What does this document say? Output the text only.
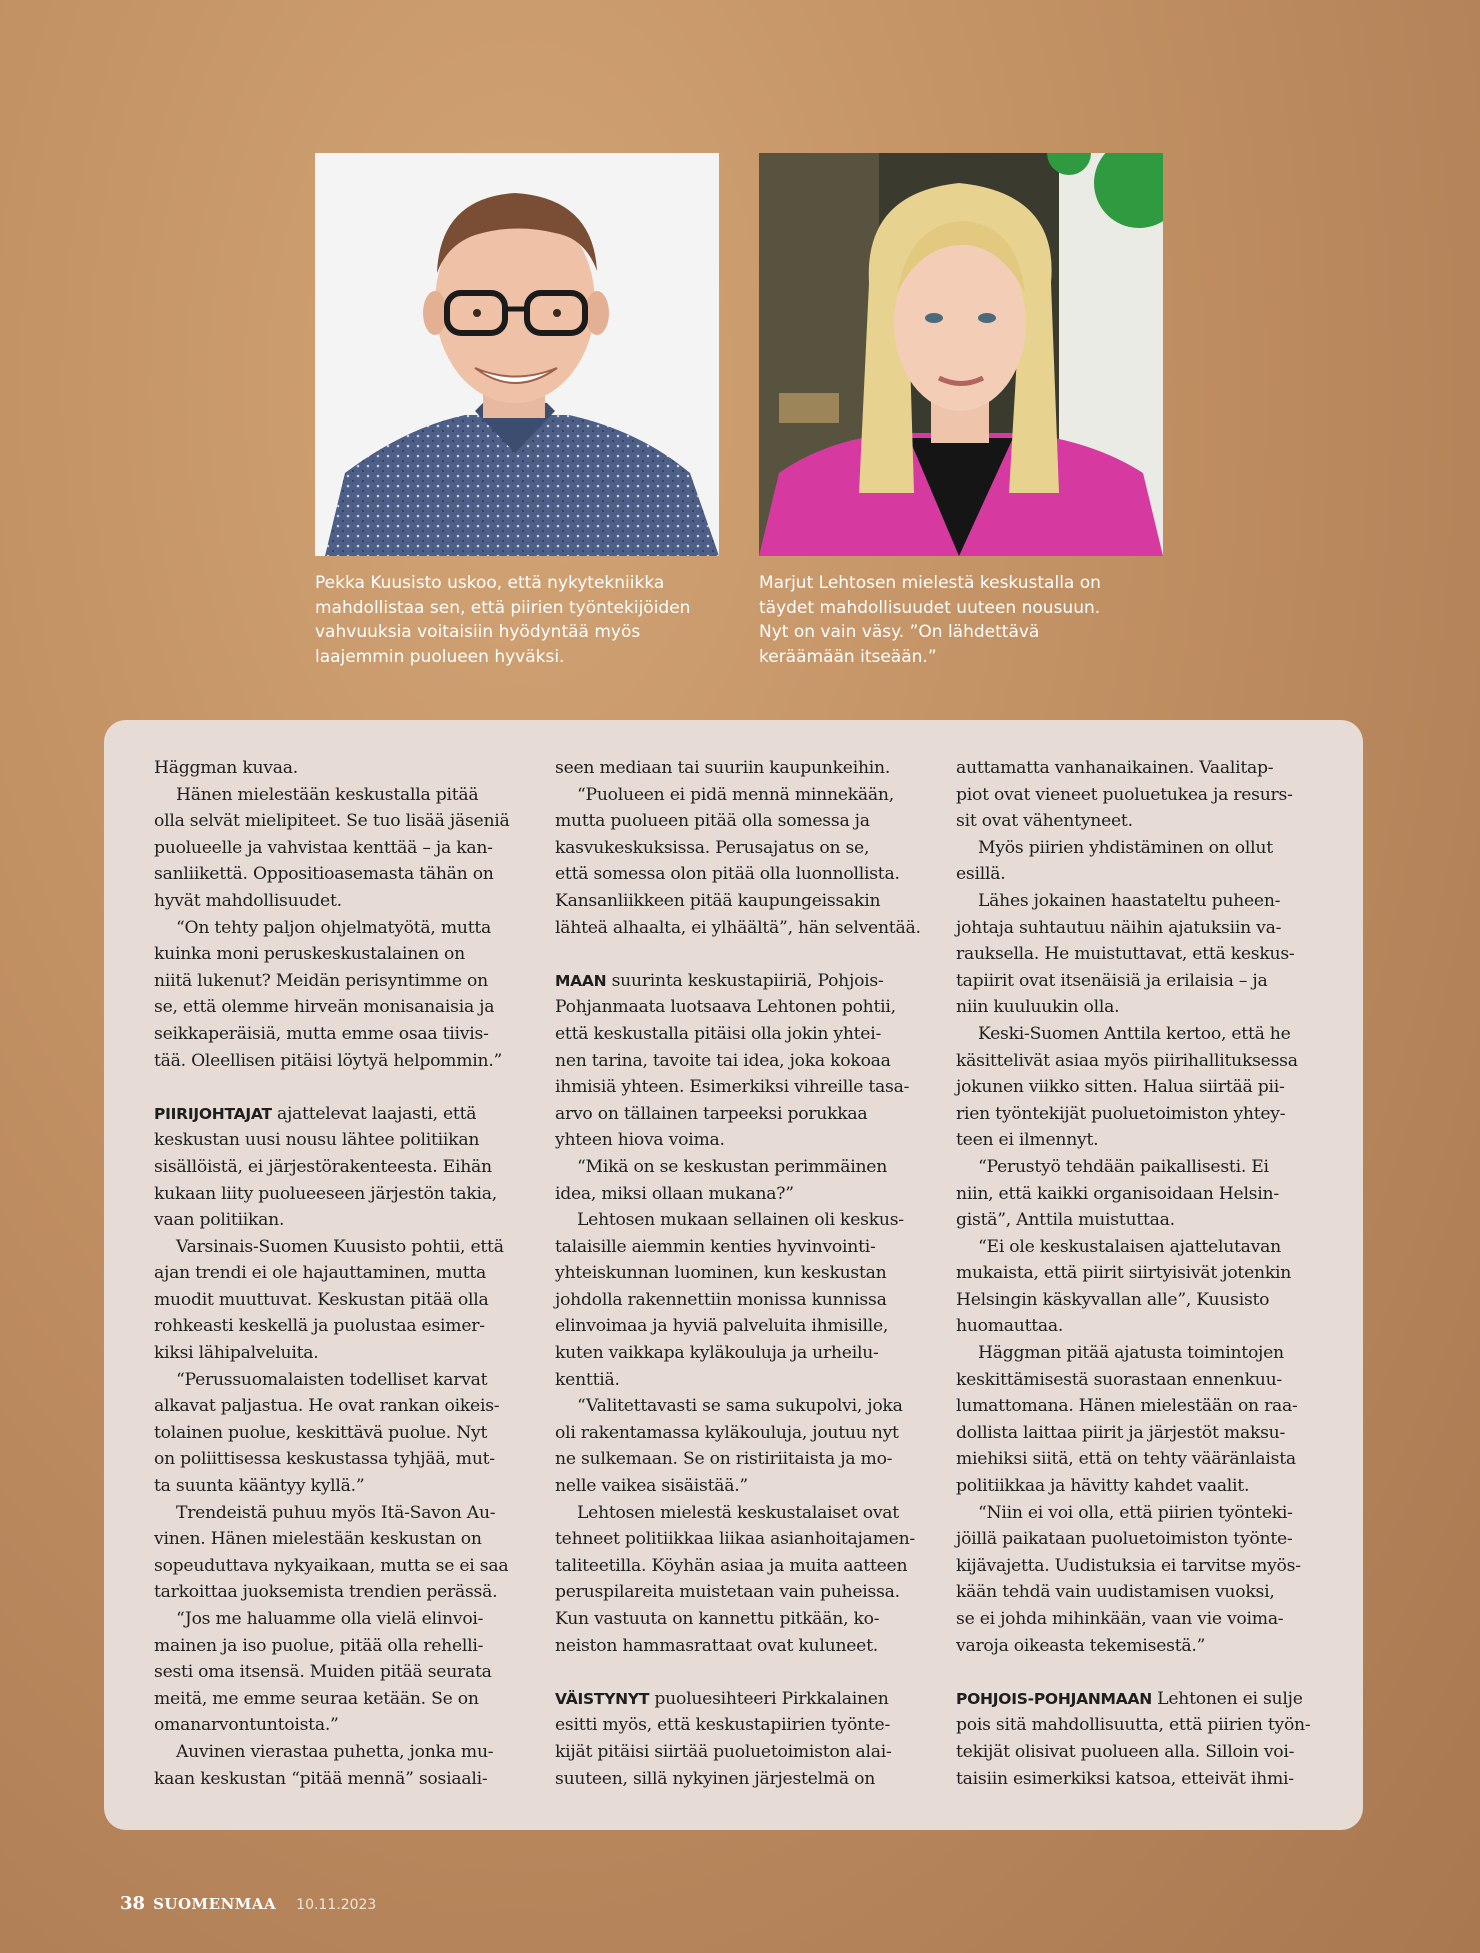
Pekka Kuusisto uskoo, että nykytekniikka
mahdollistaa sen, että piirien työntekijöiden
vahvuuksia voitaisiin hyödyntää myös
laajemmin puolueen hyväksi.
Marjut Lehtosen mielestä keskustalla on
täydet mahdollisuudet uuteen nousuun.
Nyt on vain väsy. ”On lähdettävä
keräämään itseään.”

Häggman kuvaa.

Hänen mielestään keskustalla pitää
olla selvät mielipiteet. Se tuo lisää jäseniä
puolueelle ja vahvistaa kenttää – ja kan-
sanliikettä. Oppositioasemasta tähän on
hyvät mahdollisuudet.

“On tehty paljon ohjelmatyötä, mutta
kuinka moni peruskeskustalainen on
niitä lukenut? Meidän perisyntimme on
se, että olemme hirveän monisanaisia ja
seikkaperäisiä, mutta emme osaa tiivis-
tää. Oleellisen pitäisi löytyä helpommin.”

PIIRIJOHTAJAT ajattelevat laajasti, että
keskustan uusi nousu lähtee politiikan
sisällöistä, ei järjestörakenteesta. Eihän
kukaan liity puolueeseen järjestön takia,
vaan politiikan.

Varsinais-Suomen Kuusisto pohtii, että
ajan trendi ei ole hajauttaminen, mutta
muodit muuttuvat. Keskustan pitää olla
rohkeasti keskellä ja puolustaa esimer-
kiksi lähipalveluita.

“Perussuomalaisten todelliset karvat
alkavat paljastua. He ovat rankan oikeis-
tolainen puolue, keskittävä puolue. Nyt
on poliittisessa keskustassa tyhjää, mut-
ta suunta kääntyy kyllä.”

Trendeistä puhuu myös Itä-Savon Au-
vinen. Hänen mielestään keskustan on
sopeuduttava nykyaikaan, mutta se ei saa
tarkoittaa juoksemista trendien perässä.

“Jos me haluamme olla vielä elinvoi-
mainen ja iso puolue, pitää olla rehelli-
sesti oma itsensä. Muiden pitää seurata
meitä, me emme seuraa ketään. Se on
omanarvontuntoista.”

Auvinen vierastaa puhetta, jonka mu-
kaan keskustan “pitää mennä” sosiaali-

seen mediaan tai suuriin kaupunkeihin.

“Puolueen ei pidä mennä minnekään,
mutta puolueen pitää olla somessa ja
kasvukeskuksissa. Perusajatus on se,
että somessa olon pitää olla luonnollista.
Kansanliikkeen pitää kaupungeissakin
lähteä alhaalta, ei ylhäältä”, hän selventää.

MAAN suurinta keskustapiiriä, Pohjois-
Pohjanmaata luotsaava Lehtonen pohtii,
että keskustalla pitäisi olla jokin yhtei-
nen tarina, tavoite tai idea, joka kokoaa
ihmisiä yhteen. Esimerkiksi vihreille tasa-
arvo on tällainen tarpeeksi porukkaa
yhteen hiova voima.

“Mikä on se keskustan perimmäinen
idea, miksi ollaan mukana?”

Lehtosen mukaan sellainen oli keskus-
talaisille aiemmin kenties hyvinvointi-
yhteiskunnan luominen, kun keskustan
johdolla rakennettiin monissa kunnissa
elinvoimaa ja hyviä palveluita ihmisille,
kuten vaikkapa kyläkouluja ja urheilu-
kenttiä.

“Valitettavasti se sama sukupolvi, joka
oli rakentamassa kyläkouluja, joutuu nyt
ne sulkemaan. Se on ristiriitaista ja mo-
nelle vaikea sisäistää.”

Lehtosen mielestä keskustalaiset ovat
tehneet politiikkaa liikaa asianhoitajamen-
taliteetilla. Köyhän asiaa ja muita aatteen
peruspilareita muistetaan vain puheissa.
Kun vastuuta on kannettu pitkään, ko-
neiston hammasrattaat ovat kuluneet.

VÄISTYNYT puoluesihteeri Pirkkalainen
esitti myös, että keskustapiirien työnte-
kijät pitäisi siirtää puoluetoimiston alai-
suuteen, sillä nykyinen järjestelmä on

auttamatta vanhanaikainen. Vaalitap-
piot ovat vieneet puoluetukea ja resurs-
sit ovat vähentyneet.

Myös piirien yhdistäminen on ollut
esillä.

Lähes jokainen haastateltu puheen-
johtaja suhtautuu näihin ajatuksiin va-
rauksella. He muistuttavat, että keskus-
tapiirit ovat itsenäisiä ja erilaisia – ja
niin kuuluukin olla.

Keski-Suomen Anttila kertoo, että he
käsittelivät asiaa myös piirihallituksessa
jokunen viikko sitten. Halua siirtää pii-
rien työntekijät puoluetoimiston yhtey-
teen ei ilmennyt.

“Perustyö tehdään paikallisesti. Ei
niin, että kaikki organisoidaan Helsin-
gistä”, Anttila muistuttaa.

“Ei ole keskustalaisen ajattelutavan
mukaista, että piirit siirtyisivät jotenkin
Helsingin käskyvallan alle”, Kuusisto
huomauttaa.

Häggman pitää ajatusta toimintojen
keskittämisestä suorastaan ennenkuu-
lumattomana. Hänen mielestään on raa-
dollista laittaa piirit ja järjestöt maksu-
miehiksi siitä, että on tehty vääränlaista
politiikkaa ja hävitty kahdet vaalit.

“Niin ei voi olla, että piirien työnteki-
jöillä paikataan puoluetoimiston työnte-
kijävajetta. Uudistuksia ei tarvitse myös-
kään tehdä vain uudistamisen vuoksi,
se ei johda mihinkään, vaan vie voima-
varoja oikeasta tekemisestä.”

POHJOIS-POHJANMAAN Lehtonen ei sulje
pois sitä mahdollisuutta, että piirien työn-
tekijät olisivat puolueen alla. Silloin voi-
taisiin esimerkiksi katsoa, etteivät ihmi-

38 SUOMENMAA 10.11.2023
